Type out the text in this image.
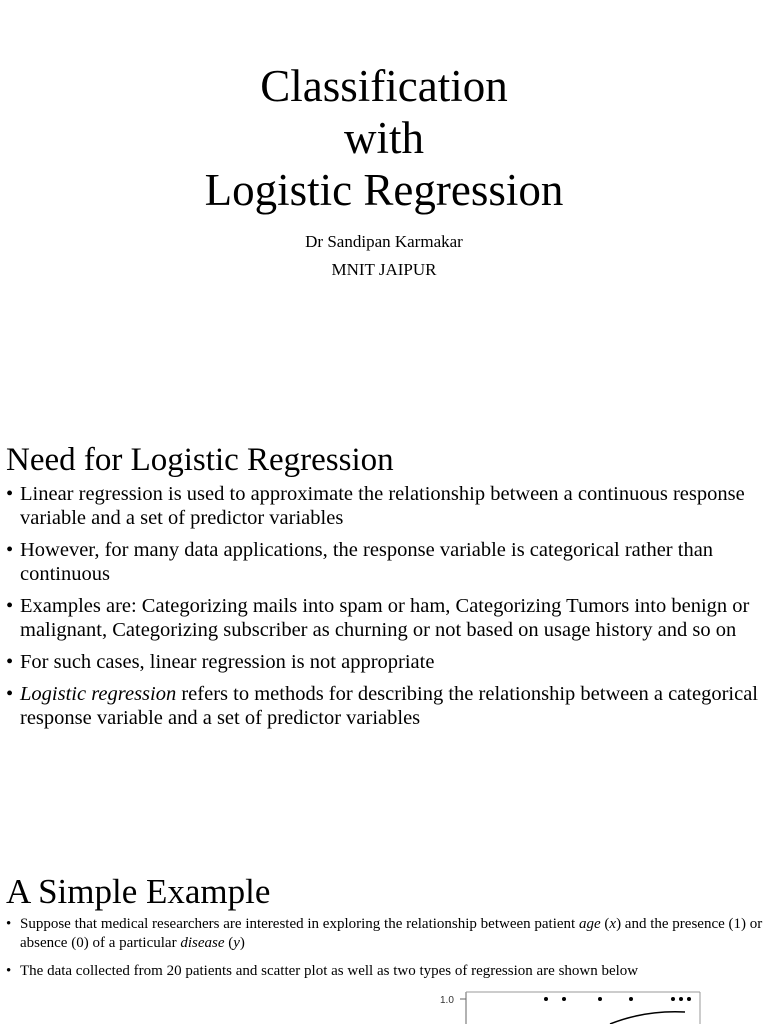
Classification
with
Logistic Regression
Dr Sandipan Karmakar
MNIT JAIPUR
Need for Logistic Regression
• Linear regression is used to approximate the relationship between a continuous response variable and a set of predictor variables
• However, for many data applications, the response variable is categorical rather than continuous
• Examples are: Categorizing mails into spam or ham, Categorizing Tumors into benign or malignant, Categorizing subscriber as churning or not based on usage history and so on
• For such cases, linear regression is not appropriate
• Logistic regression refers to methods for describing the relationship between a categorical response variable and a set of predictor variables
A Simple Example
• Suppose that medical researchers are interested in exploring the relationship between patient age (x) and the presence (1) or absence (0) of a particular disease (y)
• The data collected from 20 patients and scatter plot as well as two types of regression are shown below
1.0
